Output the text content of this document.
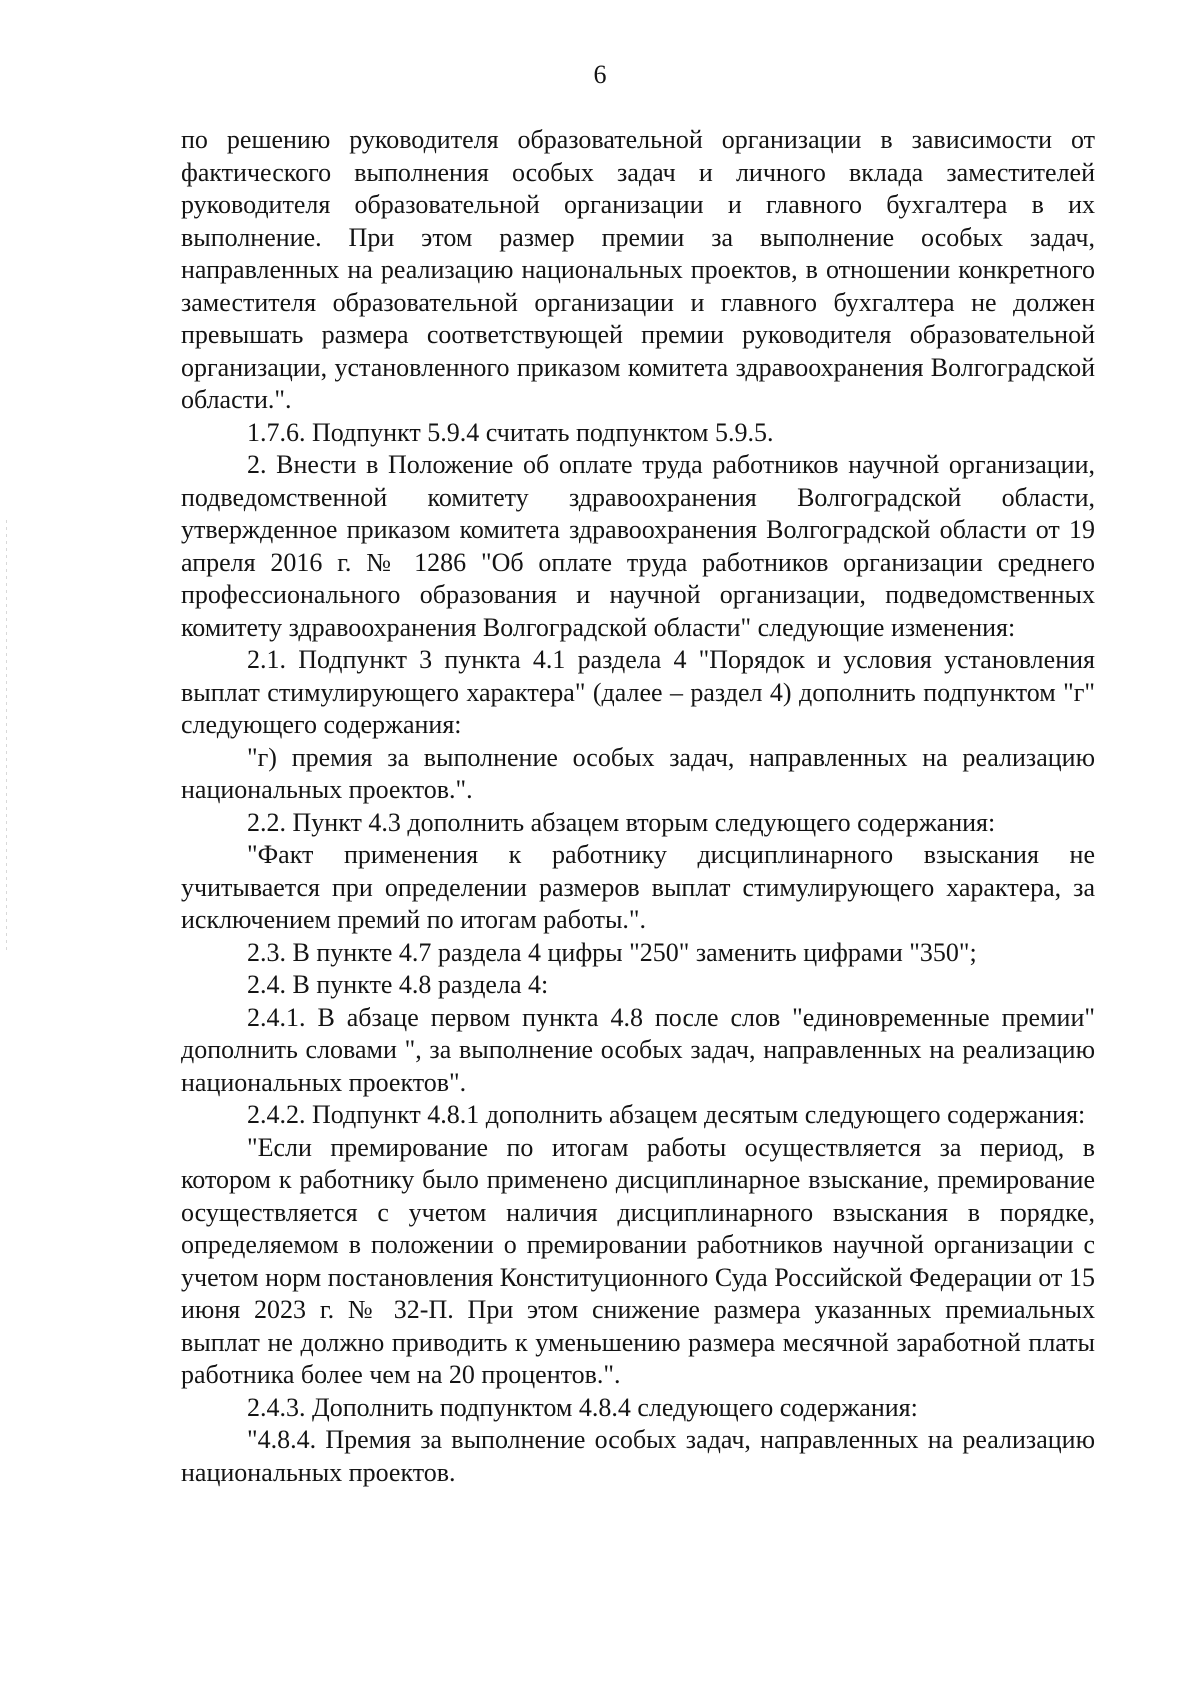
6

по решению руководителя образовательной организации в зависимости от фактического выполнения особых задач и личного вклада заместителей руководителя образовательной организации и главного бухгалтера в их выполнение. При этом размер премии за выполнение особых задач, направленных на реализацию национальных проектов, в отношении конкретного заместителя образовательной организации и главного бухгалтера не должен превышать размера соответствующей премии руководителя образовательной организации, установленного приказом комитета здравоохранения Волгоградской области.".

1.7.6. Подпункт 5.9.4 считать подпунктом 5.9.5.

2. Внести в Положение об оплате труда работников научной организации, подведомственной комитету здравоохранения Волгоградской области, утвержденное приказом комитета здравоохранения Волгоградской области от 19 апреля 2016 г. № 1286 "Об оплате труда работников организации среднего профессионального образования и научной организации, подведомственных комитету здравоохранения Волгоградской области" следующие изменения:

2.1. Подпункт 3 пункта 4.1 раздела 4 "Порядок и условия установления выплат стимулирующего характера" (далее – раздел 4) дополнить подпунктом "г" следующего содержания:

"г) премия за выполнение особых задач, направленных на реализацию национальных проектов.".

2.2. Пункт 4.3 дополнить абзацем вторым следующего содержания:

"Факт применения к работнику дисциплинарного взыскания не учитывается при определении размеров выплат стимулирующего характера, за исключением премий по итогам работы.".

2.3. В пункте 4.7 раздела 4 цифры "250" заменить цифрами "350";

2.4. В пункте 4.8 раздела 4:

2.4.1. В абзаце первом пункта 4.8 после слов "единовременные премии" дополнить словами ", за выполнение особых задач, направленных на реализацию национальных проектов".

2.4.2. Подпункт 4.8.1 дополнить абзацем десятым следующего содержания:

"Если премирование по итогам работы осуществляется за период, в котором к работнику было применено дисциплинарное взыскание, премирование осуществляется с учетом наличия дисциплинарного взыскания в порядке, определяемом в положении о премировании работников научной организации с учетом норм постановления Конституционного Суда Российской Федерации от 15 июня 2023 г. № 32-П. При этом снижение размера указанных премиальных выплат не должно приводить к уменьшению размера месячной заработной платы работника более чем на 20 процентов.".

2.4.3. Дополнить подпунктом 4.8.4 следующего содержания:

"4.8.4. Премия за выполнение особых задач, направленных на реализацию национальных проектов.
